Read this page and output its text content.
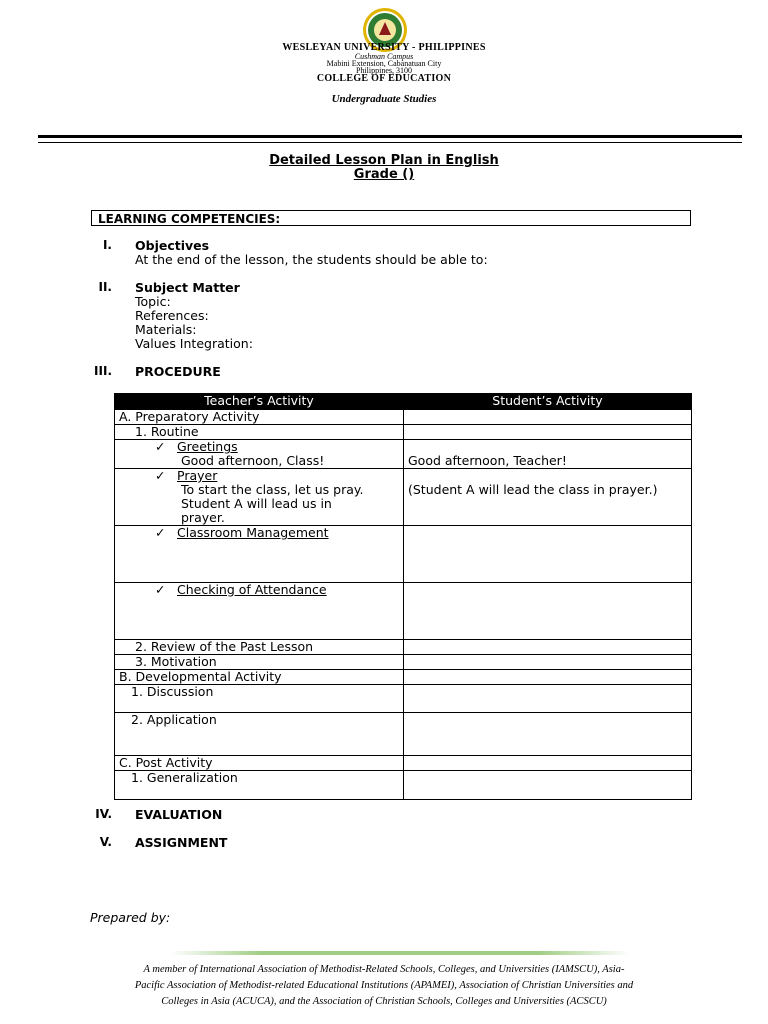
WESLEYAN UNIVERSITY - PHILIPPINES
Cushman Campus
Mabini Extension, Cabanatuan City
Philippines, 3100
COLLEGE OF EDUCATION
Undergraduate Studies
Detailed Lesson Plan in English
Grade ()
LEARNING COMPETENCIES:
I. Objectives
At the end of the lesson, the students should be able to:
II. Subject Matter
Topic:
References:
Materials:
Values Integration:
III. PROCEDURE
Teacher’s Activity	Student’s Activity
A. Preparatory Activity	
1. Routine	

✓ Greetings
Good afternoon, Class!	Good afternoon, Teacher!

✓ Prayer
To start the class, let us pray.
Student A will lead us in
prayer.	(Student A will lead the class in prayer.)

✓ Classroom Management	
✓ Checking of Attendance	
2. Review of the Past Lesson	
3. Motivation	
B. Developmental Activity	
1. Discussion	
2. Application	
C. Post Activity	
1. Generalization	
IV. EVALUATION
V. ASSIGNMENT
Prepared by:
A member of International Association of Methodist-Related Schools, Colleges, and Universities (IAMSCU), Asia-
Pacific Association of Methodist-related Educational Institutions (APAMEI), Association of Christian Universities and
Colleges in Asia (ACUCA), and the Association of Christian Schools, Colleges and Universities (ACSCU)
